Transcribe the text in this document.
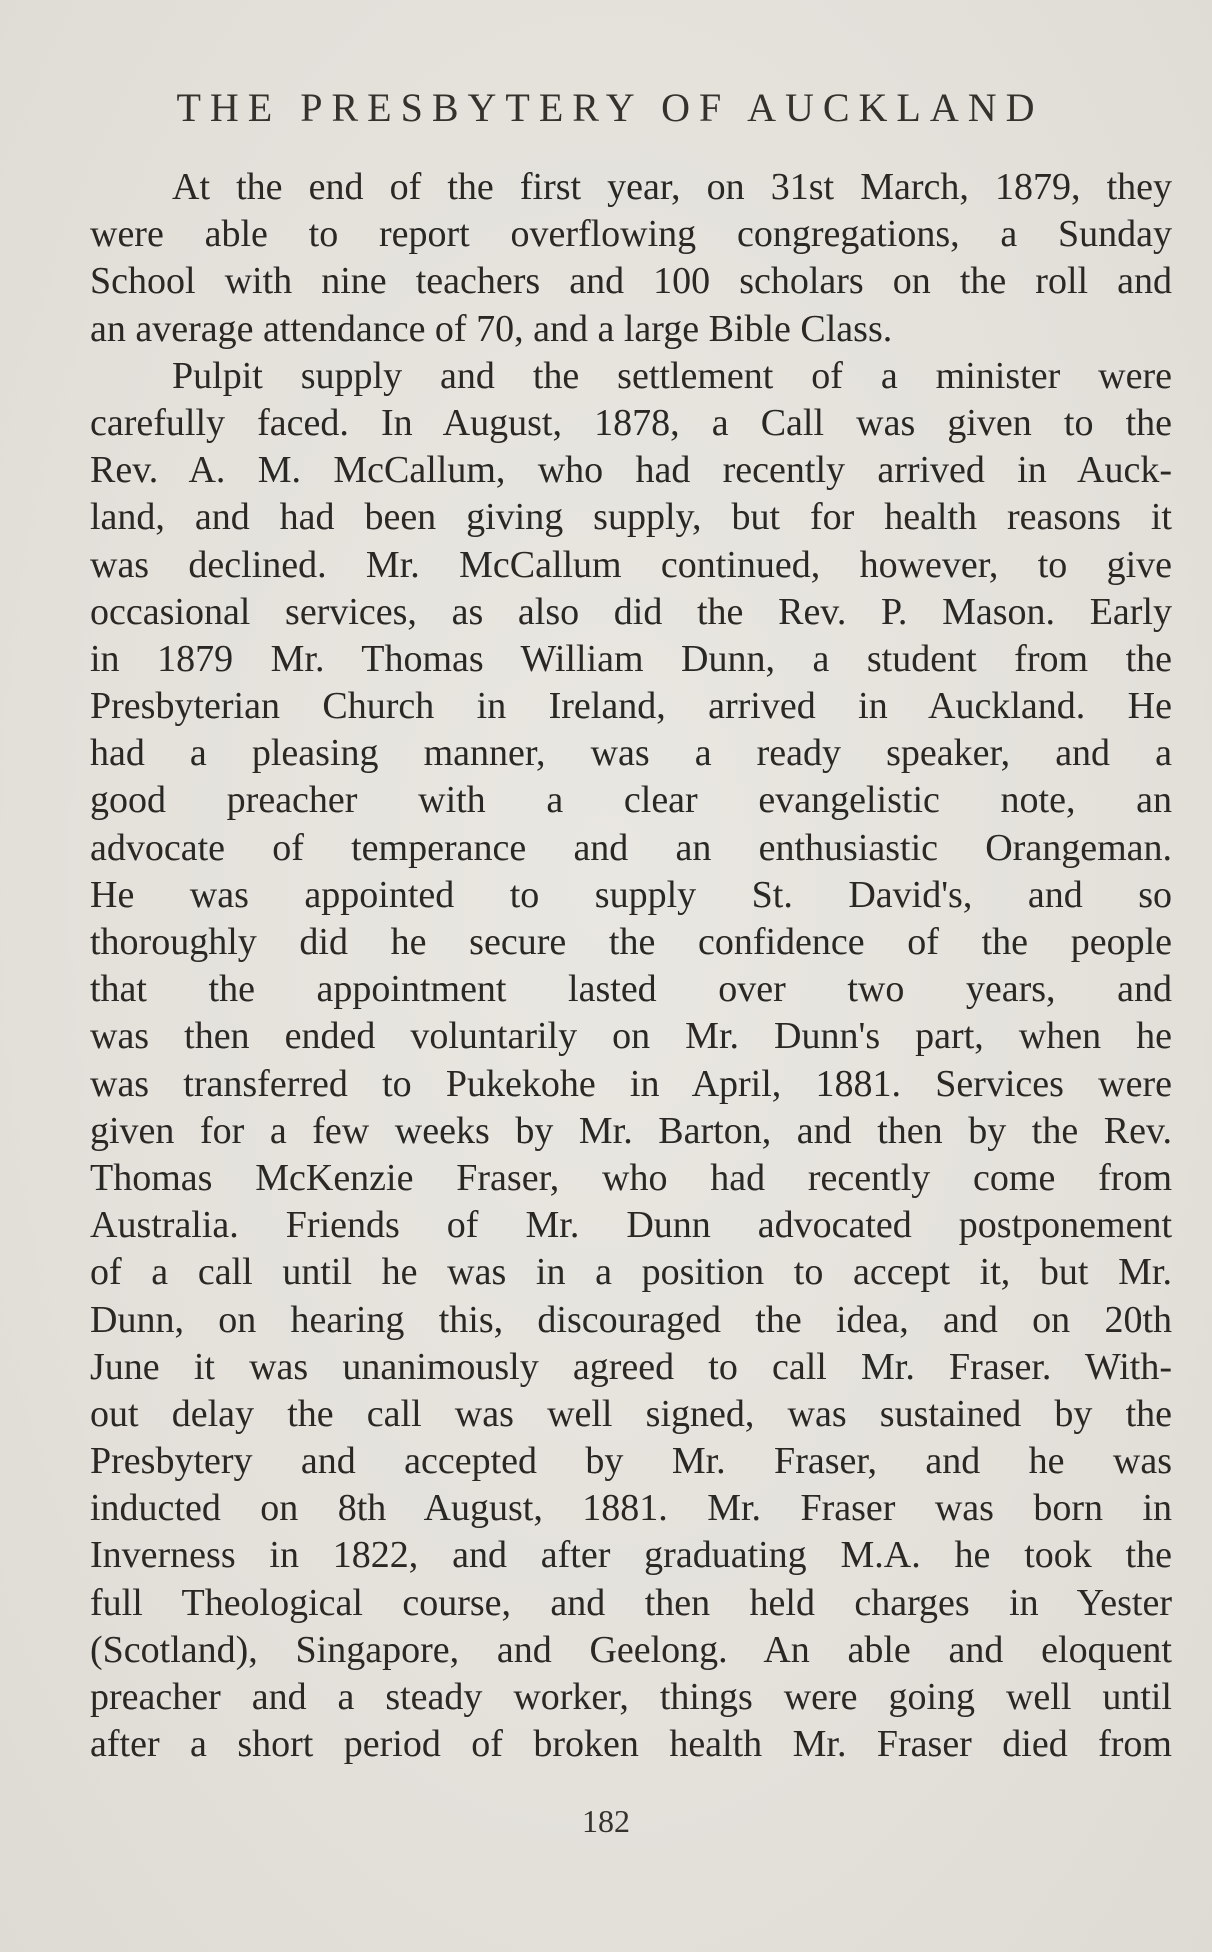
THE PRESBYTERY OF AUCKLAND
At the end of the first year, on 31st March, 1879, they
were able to report overflowing congregations, a Sunday
School with nine teachers and 100 scholars on the roll and
an average attendance of 70, and a large Bible Class.
Pulpit supply and the settlement of a minister were
carefully faced. In August, 1878, a Call was given to the
Rev. A. M. McCallum, who had recently arrived in Auck-
land, and had been giving supply, but for health reasons it
was declined. Mr. McCallum continued, however, to give
occasional services, as also did the Rev. P. Mason. Early
in 1879 Mr. Thomas William Dunn, a student from the
Presbyterian Church in Ireland, arrived in Auckland. He
had a pleasing manner, was a ready speaker, and a
good preacher with a clear evangelistic note, an
advocate of temperance and an enthusiastic Orangeman.
He was appointed to supply St. David's, and so
thoroughly did he secure the confidence of the people
that the appointment lasted over two years, and
was then ended voluntarily on Mr. Dunn's part, when he
was transferred to Pukekohe in April, 1881. Services were
given for a few weeks by Mr. Barton, and then by the Rev.
Thomas McKenzie Fraser, who had recently come from
Australia. Friends of Mr. Dunn advocated postponement
of a call until he was in a position to accept it, but Mr.
Dunn, on hearing this, discouraged the idea, and on 20th
June it was unanimously agreed to call Mr. Fraser. With-
out delay the call was well signed, was sustained by the
Presbytery and accepted by Mr. Fraser, and he was
inducted on 8th August, 1881. Mr. Fraser was born in
Inverness in 1822, and after graduating M.A. he took the
full Theological course, and then held charges in Yester
(Scotland), Singapore, and Geelong. An able and eloquent
preacher and a steady worker, things were going well until
after a short period of broken health Mr. Fraser died from
182
